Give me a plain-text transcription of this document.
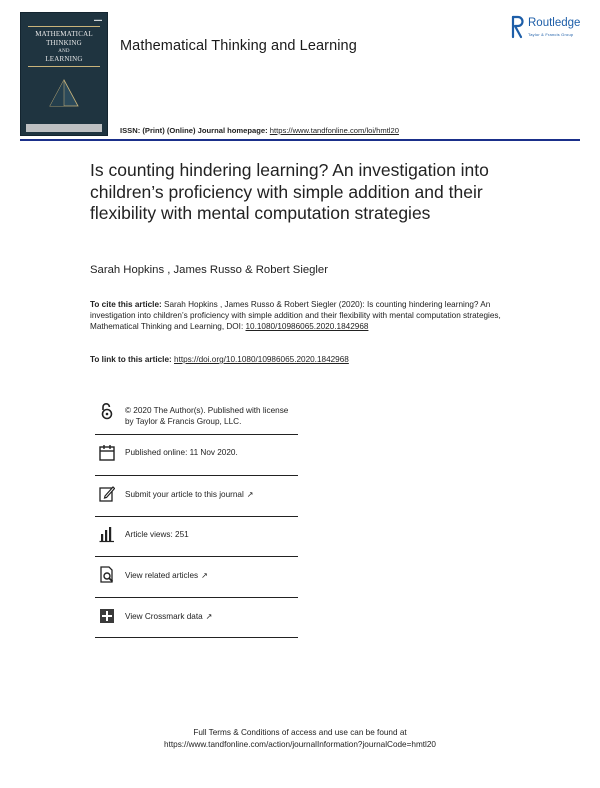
▬▬
MATHEMATICAL
THINKING
AND
LEARNING
Mathematical Thinking and Learning
ISSN: (Print) (Online) Journal homepage: https://www.tandfonline.com/loi/hmtl20
Routledge
Taylor & Francis Group
Is counting hindering learning? An investigation into children’s proficiency with simple addition and their flexibility with mental computation strategies
Sarah Hopkins , James Russo & Robert Siegler
To cite this article: Sarah Hopkins , James Russo & Robert Siegler (2020): Is counting hindering learning? An investigation into children’s proficiency with simple addition and their flexibility with mental computation strategies, Mathematical Thinking and Learning, DOI: 10.1080/10986065.2020.1842968
To link to this article: https://doi.org/10.1080/10986065.2020.1842968
© 2020 The Author(s). Published with license by Taylor & Francis Group, LLC.
Published online: 11 Nov 2020.
Submit your article to this journal ↗
Article views: 251
View related articles ↗
View Crossmark data ↗
Full Terms & Conditions of access and use can be found at
https://www.tandfonline.com/action/journalInformation?journalCode=hmtl20
